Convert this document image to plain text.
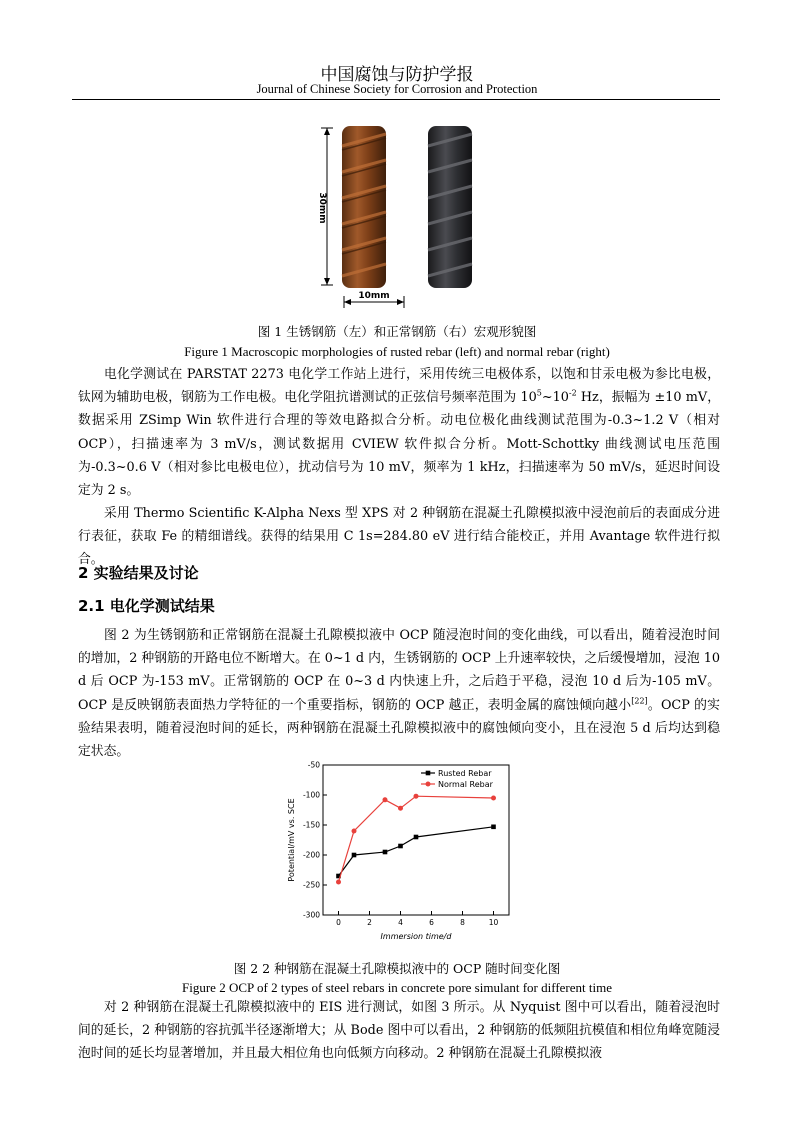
中国腐蚀与防护学报
Journal of Chinese Society for Corrosion and Protection
30mm
10mm
图 1 生锈钢筋（左）和正常钢筋（右）宏观形貌图
Figure 1 Macroscopic morphologies of rusted rebar (left) and normal rebar (right)
电化学测试在 PARSTAT 2273 电化学工作站上进行，采用传统三电极体系，以饱和甘汞电极为参比电极，钛网为辅助电极，钢筋为工作电极。电化学阻抗谱测试的正弦信号频率范围为 $10^5\sim 10^{-2}$ Hz，振幅为 ±10 mV，数据采用 ZSimp Win 软件进行合理的等效电路拟合分析。动电位极化曲线测试范围为-0.3~1.2 V（相对 OCP），扫描速率为 3 mV/s，测试数据用 CVIEW 软件拟合分析。Mott-Schottky 曲线测试电压范围为-0.3~0.6 V（相对参比电极电位），扰动信号为 10 mV，频率为 1 kHz，扫描速率为 50 mV/s，延迟时间设定为 2 s。
采用 Thermo Scientific K-Alpha Nexs 型 XPS 对 2 种钢筋在混凝土孔隙模拟液中浸泡前后的表面成分进行表征，获取 Fe 的精细谱线。获得的结果用 C 1s=284.80 eV 进行结合能校正，并用 Avantage 软件进行拟合。
2 实验结果及讨论
2.1 电化学测试结果
图 2 为生锈钢筋和正常钢筋在混凝土孔隙模拟液中 OCP 随浸泡时间的变化曲线，可以看出，随着浸泡时间的增加，2 种钢筋的开路电位不断增大。在 0~1 d 内，生锈钢筋的 OCP 上升速率较快，之后缓慢增加，浸泡 10 d 后 OCP 为-153 mV。正常钢筋的 OCP 在 0~3 d 内快速上升，之后趋于平稳，浸泡 10 d 后为-105 mV。OCP 是反映钢筋表面热力学特征的一个重要指标，钢筋的 OCP 越正，表明金属的腐蚀倾向越小[22]。OCP 的实验结果表明，随着浸泡时间的延长，两种钢筋在混凝土孔隙模拟液中的腐蚀倾向变小，且在浸泡 5 d 后均达到稳定状态。
0	2	4	6	8	10
-300
-250
-200
-150
-100
-50
Immersion time/d
Potential/mV vs. SCE
Rusted Rebar
Normal Rebar
图 2 2 种钢筋在混凝土孔隙模拟液中的 OCP 随时间变化图
Figure 2 OCP of 2 types of steel rebars in concrete pore simulant for different time
对 2 种钢筋在混凝土孔隙模拟液中的 EIS 进行测试，如图 3 所示。从 Nyquist 图中可以看出，随着浸泡时间的延长，2 种钢筋的容抗弧半径逐渐增大；从 Bode 图中可以看出，2 种钢筋的低频阻抗模值和相位角峰宽随浸泡时间的延长均显著增加，并且最大相位角也向低频方向移动。2 种钢筋在混凝土孔隙模拟液
